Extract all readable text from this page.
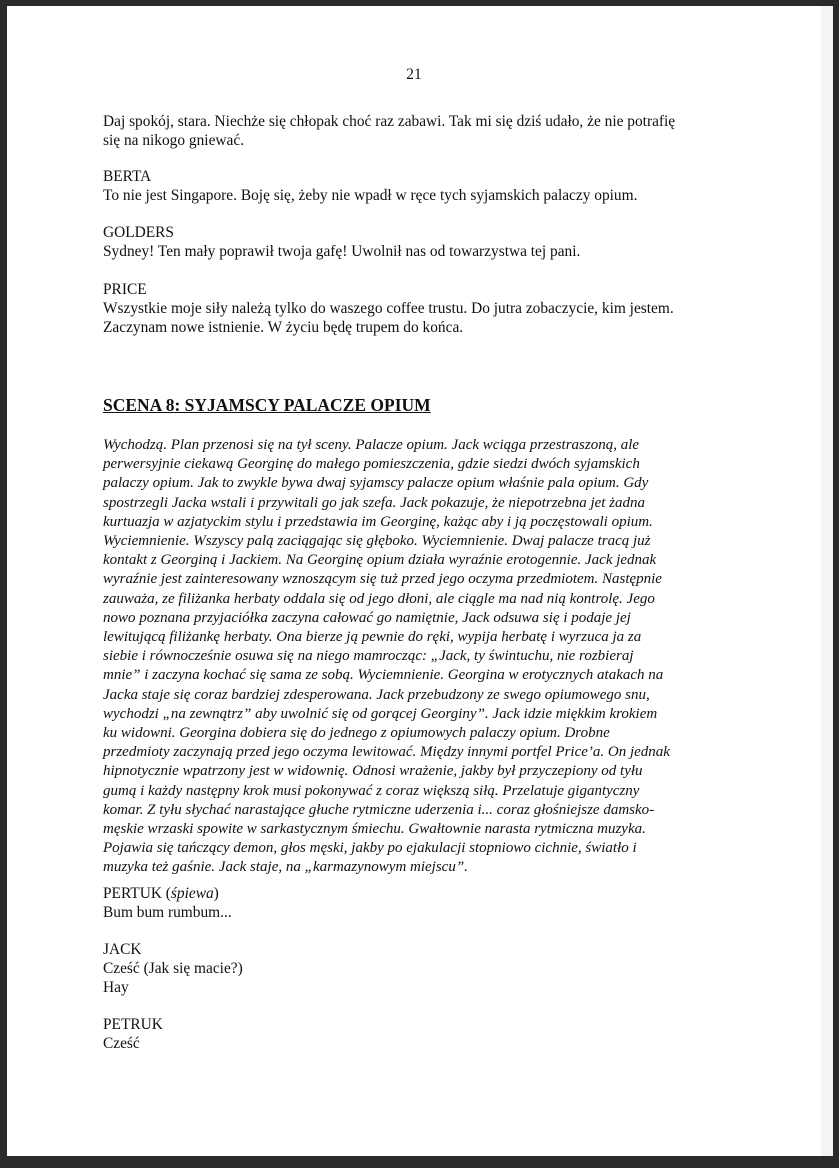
21
Daj spokój, stara. Niechże się chłopak choć raz zabawi. Tak mi się dziś udało, że nie potrafię
się na nikogo gniewać.
BERTA
To nie jest Singapore. Boję się, żeby nie wpadł w ręce tych syjamskich palaczy opium.
GOLDERS
Sydney! Ten mały poprawił twoja gafę! Uwolnił nas od towarzystwa tej pani.
PRICE
Wszystkie moje siły należą tylko do waszego coffee trustu. Do jutra zobaczycie, kim jestem.
Zaczynam nowe istnienie. W życiu będę trupem do końca.
SCENA 8: SYJAMSCY PALACZE OPIUM
Wychodzą. Plan przenosi się na tył sceny. Palacze opium. Jack wciąga przestraszoną, ale
perwersyjnie ciekawą Georginę do małego pomieszczenia, gdzie siedzi dwóch syjamskich
palaczy opium. Jak to zwykle bywa dwaj syjamscy palacze opium właśnie pala opium. Gdy
spostrzegli Jacka wstali i przywitali go jak szefa. Jack pokazuje, że niepotrzebna jet żadna
kurtuazja w azjatyckim stylu i przedstawia im Georginę, każąc aby i ją poczęstowali opium.
Wyciemnienie. Wszyscy palą zaciągając się głęboko. Wyciemnienie. Dwaj palacze tracą już
kontakt z Georginą i Jackiem. Na Georginę opium działa wyraźnie erotogennie. Jack jednak
wyraźnie jest zainteresowany wznoszącym się tuż przed jego oczyma przedmiotem. Następnie
zauważa, ze filiżanka herbaty oddala się od jego dłoni, ale ciągle ma nad nią kontrolę. Jego
nowo poznana przyjaciółka zaczyna całować go namiętnie, Jack odsuwa się i podaje jej
lewitującą filiżankę herbaty. Ona bierze ją pewnie do ręki, wypija herbatę i wyrzuca ja za
siebie i równocześnie osuwa się na niego mamrocząc: „Jack, ty świntuchu, nie rozbieraj
mnie” i zaczyna kochać się sama ze sobą. Wyciemnienie. Georgina w erotycznych atakach na
Jacka staje się coraz bardziej zdesperowana. Jack przebudzony ze swego opiumowego snu,
wychodzi „na zewnątrz” aby uwolnić się od gorącej Georginy”. Jack idzie miękkim krokiem
ku widowni. Georgina dobiera się do jednego z opiumowych palaczy opium. Drobne
przedmioty zaczynają przed jego oczyma lewitować. Między innymi portfel Price’a. On jednak
hipnotycznie wpatrzony jest w widownię. Odnosi wrażenie, jakby był przyczepiony od tyłu
gumą i każdy następny krok musi pokonywać z coraz większą siłą. Przelatuje gigantyczny
komar. Z tyłu słychać narastające głuche rytmiczne uderzenia i... coraz głośniejsze damsko-
męskie wrzaski spowite w sarkastycznym śmiechu. Gwałtownie narasta rytmiczna muzyka.
Pojawia się tańczący demon, głos męski, jakby po ejakulacji stopniowo cichnie, światło i
muzyka też gaśnie. Jack staje, na „karmazynowym miejscu”.
PERTUK (śpiewa)
Bum bum rumbum...
JACK
Cześć (Jak się macie?)
Hay
PETRUK
Cześć
